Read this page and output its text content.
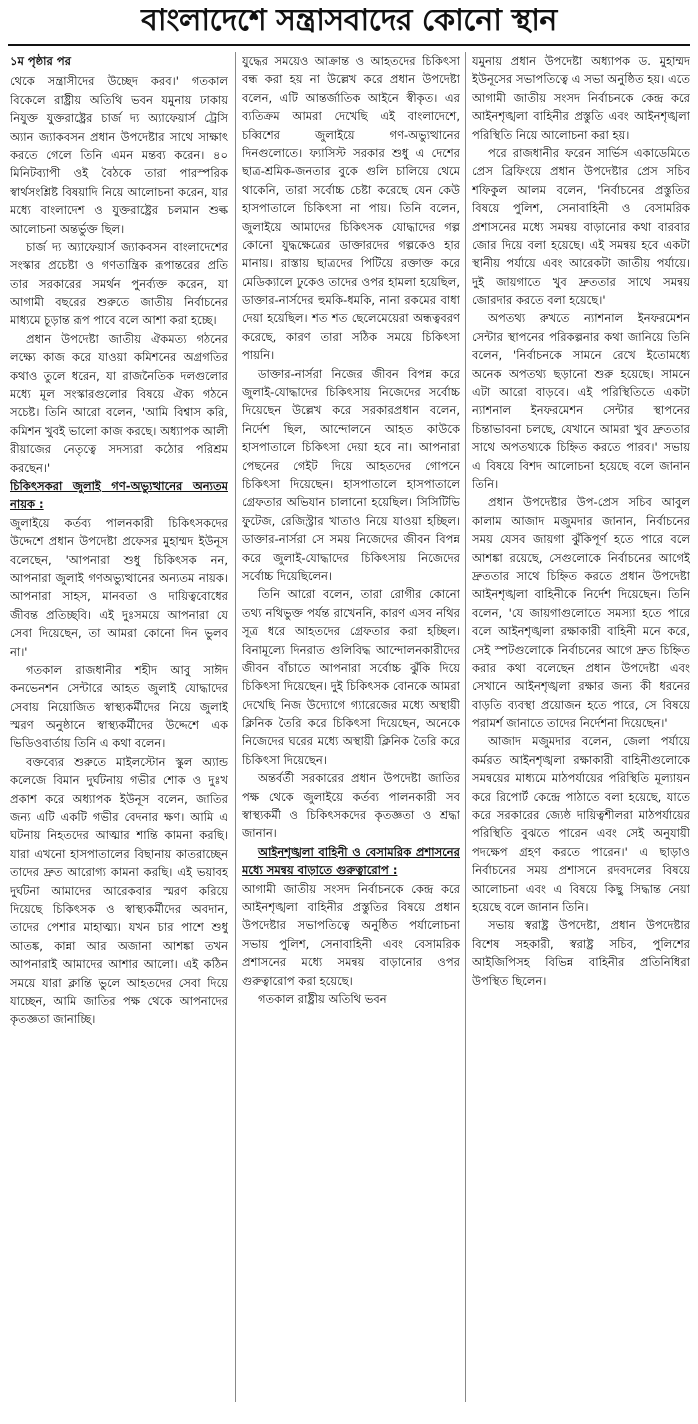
বাংলাদেশে সন্ত্রাসবাদের কোনো স্থান
১ম পৃষ্ঠার পর

থেকে সন্ত্রাসীদের উচ্ছেদ করব।' গতকাল বিকেলে রাষ্ট্রীয় অতিথি ভবন যমুনায় ঢাকায় নিযুক্ত যুক্তরাষ্ট্রের চার্জ দ্য অ্যাফেয়ার্স ট্রেসি অ্যান জ্যাকবসন প্রধান উপদেষ্টার সাথে সাক্ষাৎ করতে গেলে তিনি এমন মন্তব্য করেন। ৪০ মিনিটব্যাপী ওই বৈঠকে তারা পারস্পরিক স্বার্থসংশ্লিষ্ট বিষয়াদি নিয়ে আলোচনা করেন, যার মধ্যে বাংলাদেশ ও যুক্তরাষ্ট্রের চলমান শুল্ক আলোচনা অন্তর্ভুক্ত ছিল।

চার্জ দ্য অ্যাফেয়ার্স জ্যাকবসন বাংলাদেশের সংস্কার প্রচেষ্টা ও গণতান্ত্রিক রূপান্তরের প্রতি তার সরকারের সমর্থন পুনর্ব্যক্ত করেন, যা আগামী বছরের শুরুতে জাতীয় নির্বাচনের মাধ্যমে চূড়ান্ত রূপ পাবে বলে আশা করা হচ্ছে।

প্রধান উপদেষ্টা জাতীয় ঐকমত্য গঠনের লক্ষ্যে কাজ করে যাওয়া কমিশনের অগ্রগতির কথাও তুলে ধরেন, যা রাজনৈতিক দলগুলোর মধ্যে মূল সংস্কারগুলোর বিষয়ে ঐক্য গঠনে সচেষ্ট। তিনি আরো বলেন, 'আমি বিশ্বাস করি, কমিশন খুবই ভালো কাজ করছে। অধ্যাপক আলী রীয়াজের নেতৃত্বে সদস্যরা কঠোর পরিশ্রম করছেন।'

চিকিৎসকরা জুলাই গণ-অভ্যুত্থানের অন্যতম নায়ক :

জুলাইয়ে কর্তব্য পালনকারী চিকিৎসকদের উদ্দেশে প্রধান উপদেষ্টা প্রফেসর মুহাম্মদ ইউনূস বলেছেন, 'আপনারা শুধু চিকিৎসক নন, আপনারা জুলাই গণঅভ্যুত্থানের অন্যতম নায়ক। আপনারা সাহস, মানবতা ও দায়িত্ববোধের জীবন্ত প্রতিচ্ছবি। এই দুঃসময়ে আপনারা যে সেবা দিয়েছেন, তা আমরা কোনো দিন ভুলব না।'

গতকাল রাজধানীর শহীদ আবু সাঈদ কনভেনশন সেন্টারে আহত জুলাই যোদ্ধাদের সেবায় নিয়োজিত স্বাস্থ্যকর্মীদের নিয়ে জুলাই স্মরণ অনুষ্ঠানে স্বাস্থ্যকর্মীদের উদ্দেশে এক ভিডিওবার্তায় তিনি এ কথা বলেন।

বক্তব্যের শুরুতে মাইলস্টোন স্কুল অ্যান্ড কলেজে বিমান দুর্ঘটনায় গভীর শোক ও দুঃখ প্রকাশ করে অধ্যাপক ইউনূস বলেন, জাতির জন্য এটি একটি গভীর বেদনার ক্ষণ। আমি এ ঘটনায় নিহতদের আত্মার শান্তি কামনা করছি। যারা এখনো হাসপাতালের বিছানায় কাতরাচ্ছেন তাদের দ্রুত আরোগ্য কামনা করছি। এই ভয়াবহ দুর্ঘটনা আমাদের আরেকবার স্মরণ করিয়ে দিয়েছে চিকিৎসক ও স্বাস্থ্যকর্মীদের অবদান, তাদের পেশার মাহাত্ম্য। যখন চার পাশে শুধু আতঙ্ক, কান্না আর অজানা আশঙ্কা তখন আপনারাই আমাদের আশার আলো। এই কঠিন সময়ে যারা ক্লান্তি ভুলে আহতদের সেবা দিয়ে যাচ্ছেন, আমি জাতির পক্ষ থেকে আপনাদের কৃতজ্ঞতা জানাচ্ছি।

যুদ্ধের সময়েও আক্রান্ত ও আহতদের চিকিৎসা বন্ধ করা হয় না উল্লেখ করে প্রধান উপদেষ্টা বলেন, এটি আন্তর্জাতিক আইনে স্বীকৃত। এর ব্যতিক্রম আমরা দেখেছি এই বাংলাদেশে, চব্বিশের জুলাইয়ে গণ-অভ্যুত্থানের দিনগুলোতে। ফ্যাসিস্ট সরকার শুধু এ দেশের ছাত্র-শ্রমিক-জনতার বুকে গুলি চালিয়ে থেমে থাকেনি, তারা সর্বোচ্চ চেষ্টা করেছে যেন কেউ হাসপাতালে চিকিৎসা না পায়। তিনি বলেন, জুলাইয়ে আমাদের চিকিৎসক যোদ্ধাদের গল্প কোনো যুদ্ধক্ষেত্রের ডাক্তারদের গল্পকেও হার মানায়। রাস্তায় ছাত্রদের পিটিয়ে রক্তাক্ত করে মেডিক্যালে ঢুকেও তাদের ওপর হামলা হয়েছিল, ডাক্তার-নার্সদের হুমকি-ধমকি, নানা রকমের বাধা দেয়া হয়েছিল। শত শত ছেলেমেয়েরা অন্ধত্ববরণ করেছে, কারণ তারা সঠিক সময়ে চিকিৎসা পায়নি।

ডাক্তার-নার্সরা নিজের জীবন বিপন্ন করে জুলাই-যোদ্ধাদের চিকিৎসায় নিজেদের সর্বোচ্চ দিয়েছেন উল্লেখ করে সরকারপ্রধান বলেন, নির্দেশ ছিল, আন্দোলনে আহত কাউকে হাসপাতালে চিকিৎসা দেয়া হবে না। আপনারা পেছনের গেইট দিয়ে আহতদের গোপনে চিকিৎসা দিয়েছেন। হাসপাতালে হাসপাতালে গ্রেফতার অভিযান চালানো হয়েছিল। সিসিটিভি ফুটেজ, রেজিস্ট্রার খাতাও নিয়ে যাওয়া হচ্ছিল। ডাক্তার-নার্সরা সে সময় নিজেদের জীবন বিপন্ন করে জুলাই-যোদ্ধাদের চিকিৎসায় নিজেদের সর্বোচ্চ দিয়েছিলেন।

তিনি আরো বলেন, তারা রোগীর কোনো তথ্য নথিভুক্ত পর্যন্ত রাখেননি, কারণ এসব নথির সূত্র ধরে আহতদের গ্রেফতার করা হচ্ছিল। বিনামূল্যে দিনরাত গুলিবিদ্ধ আন্দোলনকারীদের জীবন বাঁচাতে আপনারা সর্বোচ্চ ঝুঁকি দিয়ে চিকিৎসা দিয়েছেন। দুই চিকিৎসক বোনকে আমরা দেখেছি নিজ উদ্যোগে গ্যারেজের মধ্যে অস্থায়ী ক্লিনিক তৈরি করে চিকিৎসা দিয়েছেন, অনেকে নিজেদের ঘরের মধ্যে অস্থায়ী ক্লিনিক তৈরি করে চিকিৎসা দিয়েছেন।

অন্তর্বর্তী সরকারের প্রধান উপদেষ্টা জাতির পক্ষ থেকে জুলাইয়ে কর্তব্য পালনকারী সব স্বাস্থ্যকর্মী ও চিকিৎসকদের কৃতজ্ঞতা ও শ্রদ্ধা জানান।

আইনশৃঙ্খলা বাহিনী ও বেসামরিক প্রশাসনের মধ্যে সমন্বয় বাড়াতে গুরুত্বারোপ :

আগামী জাতীয় সংসদ নির্বাচনকে কেন্দ্র করে আইনশৃঙ্খলা বাহিনীর প্রস্তুতির বিষয়ে প্রধান উপদেষ্টার সভাপতিত্বে অনুষ্ঠিত পর্যালোচনা সভায় পুলিশ, সেনাবাহিনী এবং বেসামরিক প্রশাসনের মধ্যে সমন্বয় বাড়ানোর ওপর গুরুত্বারোপ করা হয়েছে।

গতকাল রাষ্ট্রীয় অতিথি ভবন

যমুনায় প্রধান উপদেষ্টা অধ্যাপক ড. মুহাম্মদ ইউনূসের সভাপতিত্বে এ সভা অনুষ্ঠিত হয়। এতে আগামী জাতীয় সংসদ নির্বাচনকে কেন্দ্র করে আইনশৃঙ্খলা বাহিনীর প্রস্তুতি এবং আইনশৃঙ্খলা পরিস্থিতি নিয়ে আলোচনা করা হয়।

পরে রাজধানীর ফরেন সার্ভিস একাডেমিতে প্রেস ব্রিফিংয়ে প্রধান উপদেষ্টার প্রেস সচিব শফিকুল আলম বলেন, 'নির্বাচনের প্রস্তুতির বিষয়ে পুলিশ, সেনাবাহিনী ও বেসামরিক প্রশাসনের মধ্যে সমন্বয় বাড়ানোর কথা বারবার জোর দিয়ে বলা হয়েছে। এই সমন্বয় হবে একটা স্থানীয় পর্যায়ে এবং আরেকটা জাতীয় পর্যায়ে। দুই জায়গাতে খুব দ্রুততার সাথে সমন্বয় জোরদার করতে বলা হয়েছে।'

অপতথ্য রুখতে ন্যাশনাল ইনফরমেশন সেন্টার স্থাপনের পরিকল্পনার কথা জানিয়ে তিনি বলেন, 'নির্বাচনকে সামনে রেখে ইতোমধ্যে অনেক অপতথ্য ছড়ানো শুরু হয়েছে। সামনে এটা আরো বাড়বে। এই পরিস্থিতিতে একটা ন্যাশনাল ইনফরমেশন সেন্টার স্থাপনের চিন্তাভাবনা চলছে, যেখানে আমরা খুব দ্রুততার সাথে অপতথ্যকে চিহ্নিত করতে পারব।' সভায় এ বিষয়ে বিশদ আলোচনা হয়েছে বলে জানান তিনি।

প্রধান উপদেষ্টার উপ-প্রেস সচিব আবুল কালাম আজাদ মজুমদার জানান, নির্বাচনের সময় যেসব জায়গা ঝুঁকিপূর্ণ হতে পারে বলে আশঙ্কা রয়েছে, সেগুলোকে নির্বাচনের আগেই দ্রুততার সাথে চিহ্নিত করতে প্রধান উপদেষ্টা আইনশৃঙ্খলা বাহিনীকে নির্দেশ দিয়েছেন। তিনি বলেন, 'যে জায়গাগুলোতে সমস্যা হতে পারে বলে আইনশৃঙ্খলা রক্ষাকারী বাহিনী মনে করে, সেই স্পটগুলোকে নির্বাচনের আগে দ্রুত চিহ্নিত করার কথা বলেছেন প্রধান উপদেষ্টা এবং সেখানে আইনশৃঙ্খলা রক্ষার জন্য কী ধরনের বাড়তি ব্যবস্থা প্রয়োজন হতে পারে, সে বিষয়ে পরামর্শ জানাতে তাদের নির্দেশনা দিয়েছেন।'

আজাদ মজুমদার বলেন, জেলা পর্যায়ে কর্মরত আইনশৃঙ্খলা রক্ষাকারী বাহিনীগুলোকে সমন্বয়ের মাধ্যমে মাঠপর্যায়ের পরিস্থিতি মূল্যায়ন করে রিপোর্ট কেন্দ্রে পাঠাতে বলা হয়েছে, যাতে করে সরকারের জ্যেষ্ঠ দায়িত্বশীলরা মাঠপর্যায়ের পরিস্থিতি বুঝতে পারেন এবং সেই অনুযায়ী পদক্ষেপ গ্রহণ করতে পারেন।' এ ছাড়াও নির্বাচনের সময় প্রশাসনে রদবদলের বিষয়ে আলোচনা এবং এ বিষয়ে কিছু সিদ্ধান্ত নেয়া হয়েছে বলে জানান তিনি।

সভায় স্বরাষ্ট্র উপদেষ্টা, প্রধান উপদেষ্টার বিশেষ সহকারী, স্বরাষ্ট্র সচিব, পুলিশের আইজিপিসহ বিভিন্ন বাহিনীর প্রতিনিধিরা উপস্থিত ছিলেন।
